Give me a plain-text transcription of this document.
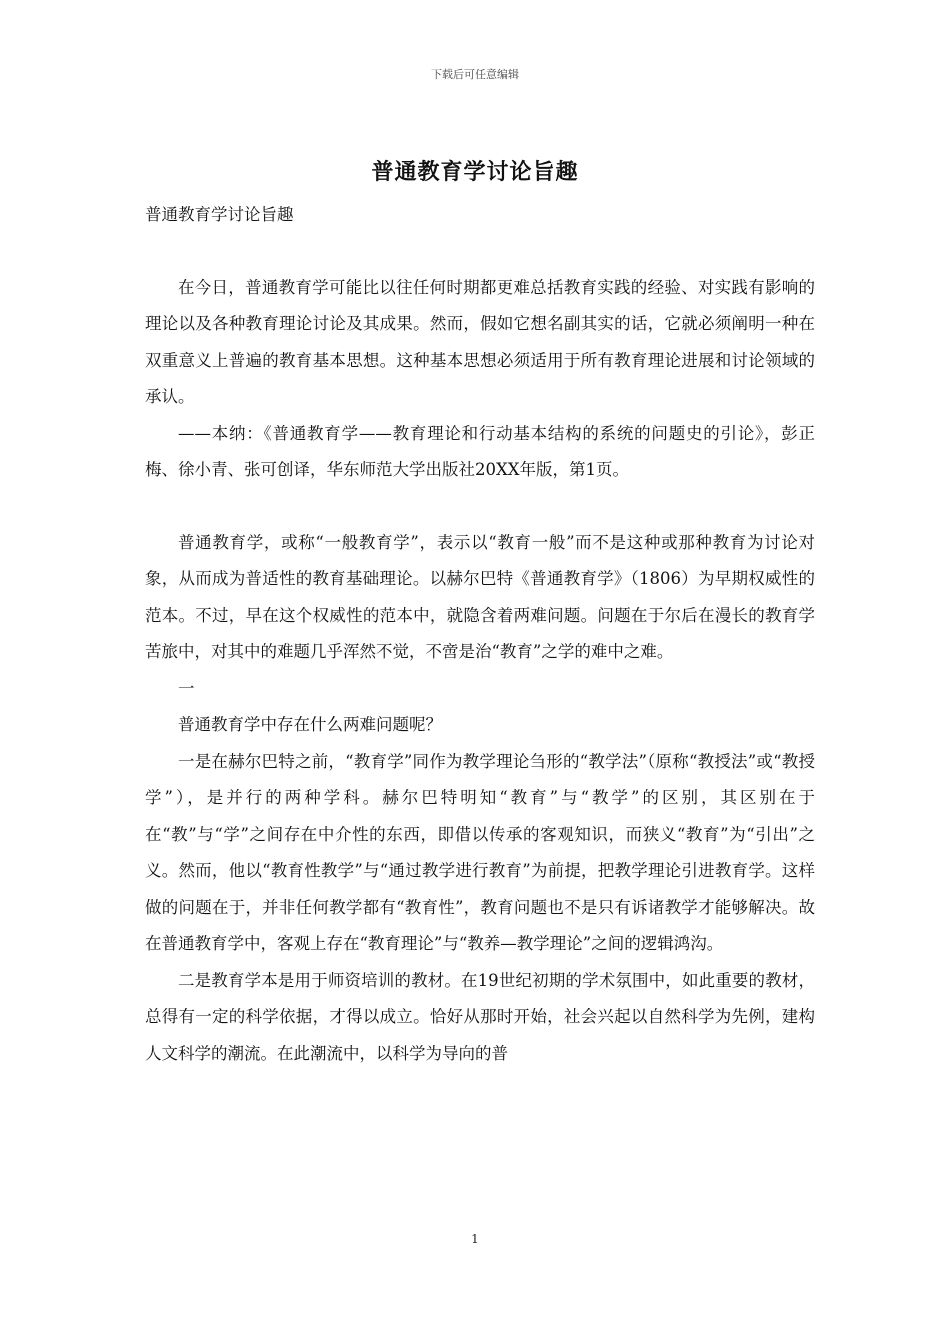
下载后可任意编辑
普通教育学讨论旨趣

普通教育学讨论旨趣

在今日，普通教育学可能比以往任何时期都更难总括教育实践的经验、对实践有影响的理论以及各种教育理论讨论及其成果。然而，假如它想名副其实的话，它就必须阐明一种在双重意义上普遍的教育基本思想。这种基本思想必须适用于所有教育理论进展和讨论领域的承认。

——本纳：《普通教育学——教育理论和行动基本结构的系统的问题史的引论》，彭正梅、徐小青、张可创译，华东师范大学出版社20XX年版，第1页。

普通教育学，或称“一般教育学”，表示以“教育一般”而不是这种或那种教育为讨论对象，从而成为普适性的教育基础理论。以赫尔巴特《普通教育学》（1806）为早期权威性的范本。不过，早在这个权威性的范本中，就隐含着两难问题。问题在于尔后在漫长的教育学苦旅中，对其中的难题几乎浑然不觉，不啻是治“教育”之学的难中之难。

一

普通教育学中存在什么两难问题呢？

一是在赫尔巴特之前，“教育学”同作为教学理论刍形的“教学法”（原称“教授法”或“教授学”），是并行的两种学科。赫尔巴特明知“教育”与“教学”的区别，其区别在于在“教”与“学”之间存在中介性的东西，即借以传承的客观知识，而狭义“教育”为“引出”之义。然而，他以“教育性教学”与“通过教学进行教育”为前提，把教学理论引进教育学。这样做的问题在于，并非任何教学都有“教育性”，教育问题也不是只有诉诸教学才能够解决。故在普通教育学中，客观上存在“教育理论”与“教养—教学理论”之间的逻辑鸿沟。

二是教育学本是用于师资培训的教材。在19世纪初期的学术氛围中，如此重要的教材，总得有一定的科学依据，才得以成立。恰好从那时开始，社会兴起以自然科学为先例，建构人文科学的潮流。在此潮流中，以科学为导向的普

1
